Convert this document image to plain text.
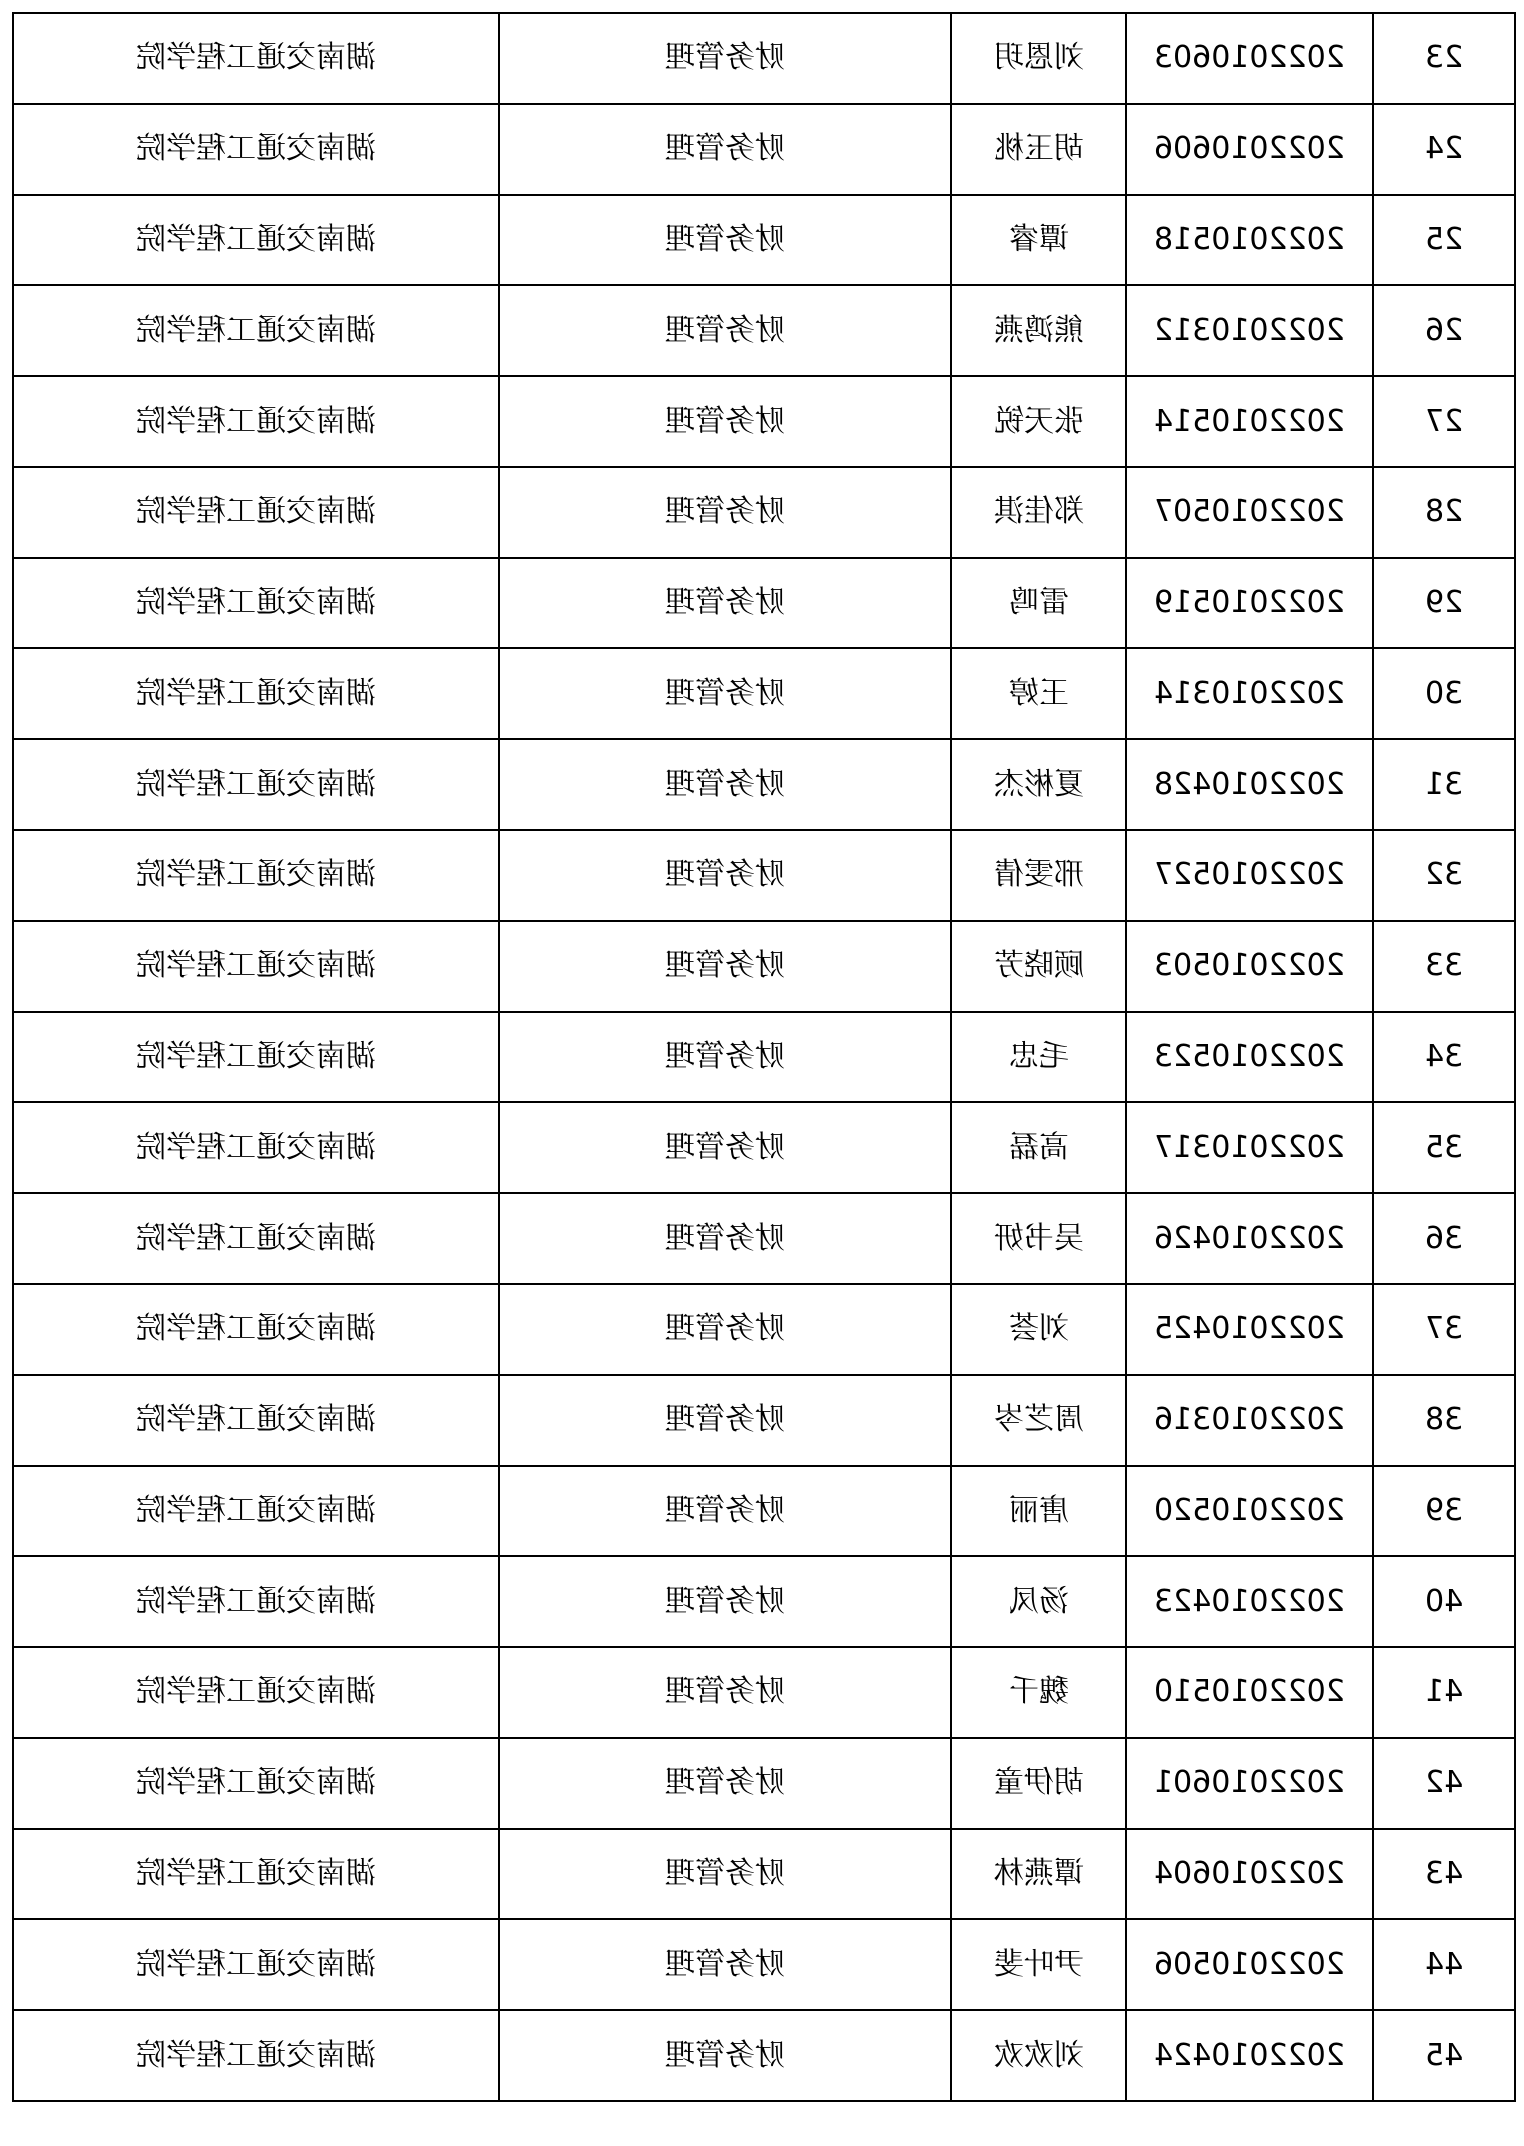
23	2022010603	刘恩玥	财务管理	湖南交通工程学院
24	2022010606	胡玉桃	财务管理	湖南交通工程学院
25	2022010518	谭睿	财务管理	湖南交通工程学院
26	2022010312	熊鸿燕	财务管理	湖南交通工程学院
27	2022010514	张天锐	财务管理	湖南交通工程学院
28	2022010507	郑佳淇	财务管理	湖南交通工程学院
29	2022010519	雷鸣	财务管理	湖南交通工程学院
30	2022010314	王婷	财务管理	湖南交通工程学院
31	2022010428	夏彬杰	财务管理	湖南交通工程学院
32	2022010527	邢雯倩	财务管理	湖南交通工程学院
33	2022010503	顾晓芳	财务管理	湖南交通工程学院
34	2022010523	毛忠	财务管理	湖南交通工程学院
35	2022010317	高磊	财务管理	湖南交通工程学院
36	2022010426	吴书妍	财务管理	湖南交通工程学院
37	2022010425	刘荟	财务管理	湖南交通工程学院
38	2022010316	周芝岑	财务管理	湖南交通工程学院
39	2022010520	唐丽	财务管理	湖南交通工程学院
40	2022010423	汤凤	财务管理	湖南交通工程学院
41	2022010510	魏千	财务管理	湖南交通工程学院
42	2022010601	胡伊童	财务管理	湖南交通工程学院
43	2022010604	谭燕林	财务管理	湖南交通工程学院
44	2022010506	尹叶斐	财务管理	湖南交通工程学院
45	2022010424	刘欢欢	财务管理	湖南交通工程学院
